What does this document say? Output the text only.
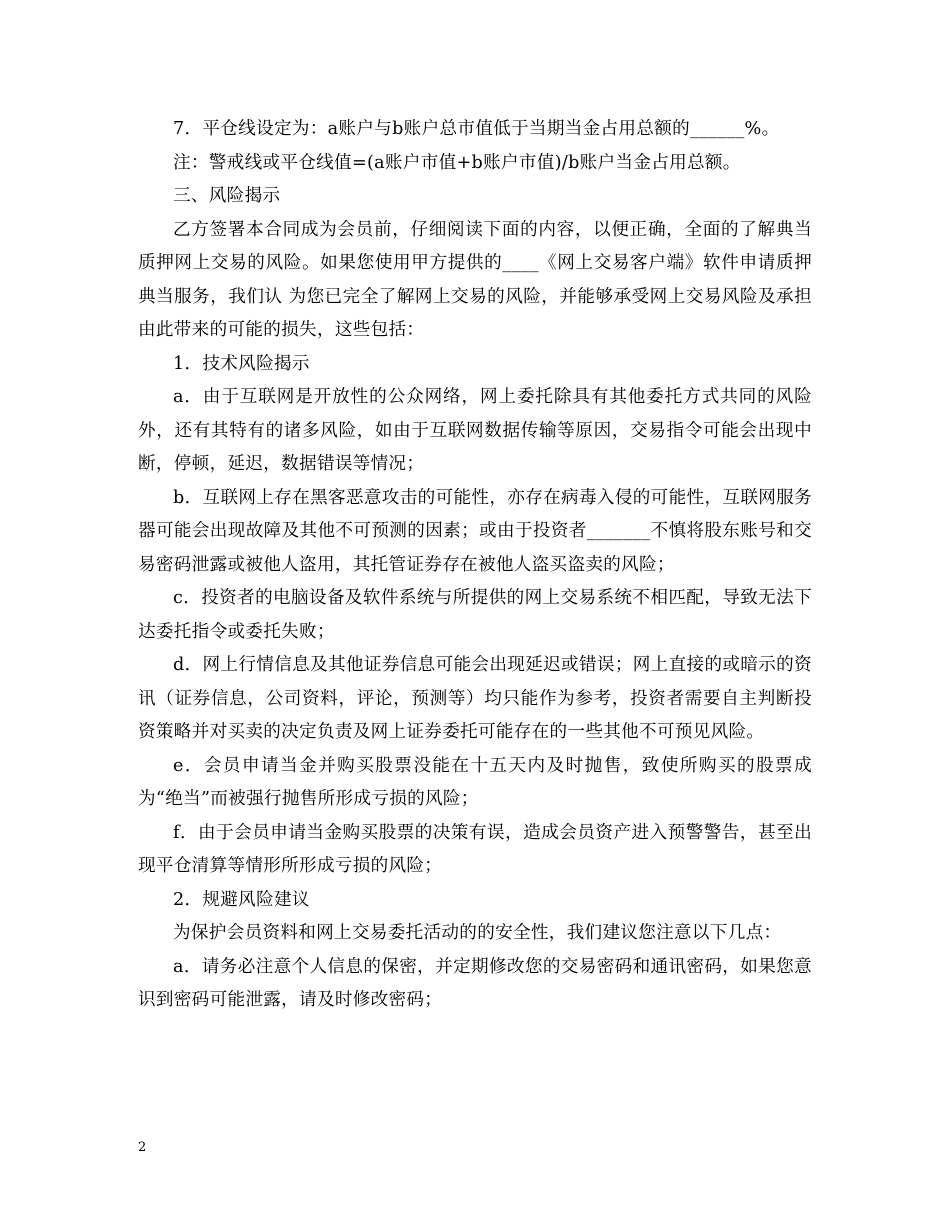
7．平仓线设定为：a账户与b账户总市值低于当期当金占用总额的______%。

注：警戒线或平仓线值=(a账户市值+b账户市值)/b账户当金占用总额。

三、风险揭示

乙方签署本合同成为会员前，仔细阅读下面的内容，以便正确，全面的了解典当质押网上交易的风险。如果您使用甲方提供的____《网上交易客户端》软件申请质押典当服务，我们认 为您已完全了解网上交易的风险，并能够承受网上交易风险及承担由此带来的可能的损失，这些包括：

1．技术风险揭示

a．由于互联网是开放性的公众网络，网上委托除具有其他委托方式共同的风险外，还有其特有的诸多风险，如由于互联网数据传输等原因，交易指令可能会出现中断，停顿，延迟，数据错误等情况；

b．互联网上存在黑客恶意攻击的可能性，亦存在病毒入侵的可能性，互联网服务器可能会出现故障及其他不可预测的因素；或由于投资者_______不慎将股东账号和交易密码泄露或被他人盗用，其托管证券存在被他人盗买盗卖的风险；

c．投资者的电脑设备及软件系统与所提供的网上交易系统不相匹配，导致无法下达委托指令或委托失败；

d．网上行情信息及其他证券信息可能会出现延迟或错误；网上直接的或暗示的资讯（证券信息，公司资料，评论，预测等）均只能作为参考，投资者需要自主判断投资策略并对买卖的决定负责及网上证券委托可能存在的一些其他不可预见风险。

e．会员申请当金并购买股票没能在十五天内及时抛售，致使所购买的股票成为“绝当”而被强行抛售所形成亏损的风险；

f．由于会员申请当金购买股票的决策有误，造成会员资产进入预警警告，甚至出现平仓清算等情形所形成亏损的风险；

2．规避风险建议

为保护会员资料和网上交易委托活动的的安全性，我们建议您注意以下几点：

a．请务必注意个人信息的保密，并定期修改您的交易密码和通讯密码，如果您意识到密码可能泄露，请及时修改密码；

2
